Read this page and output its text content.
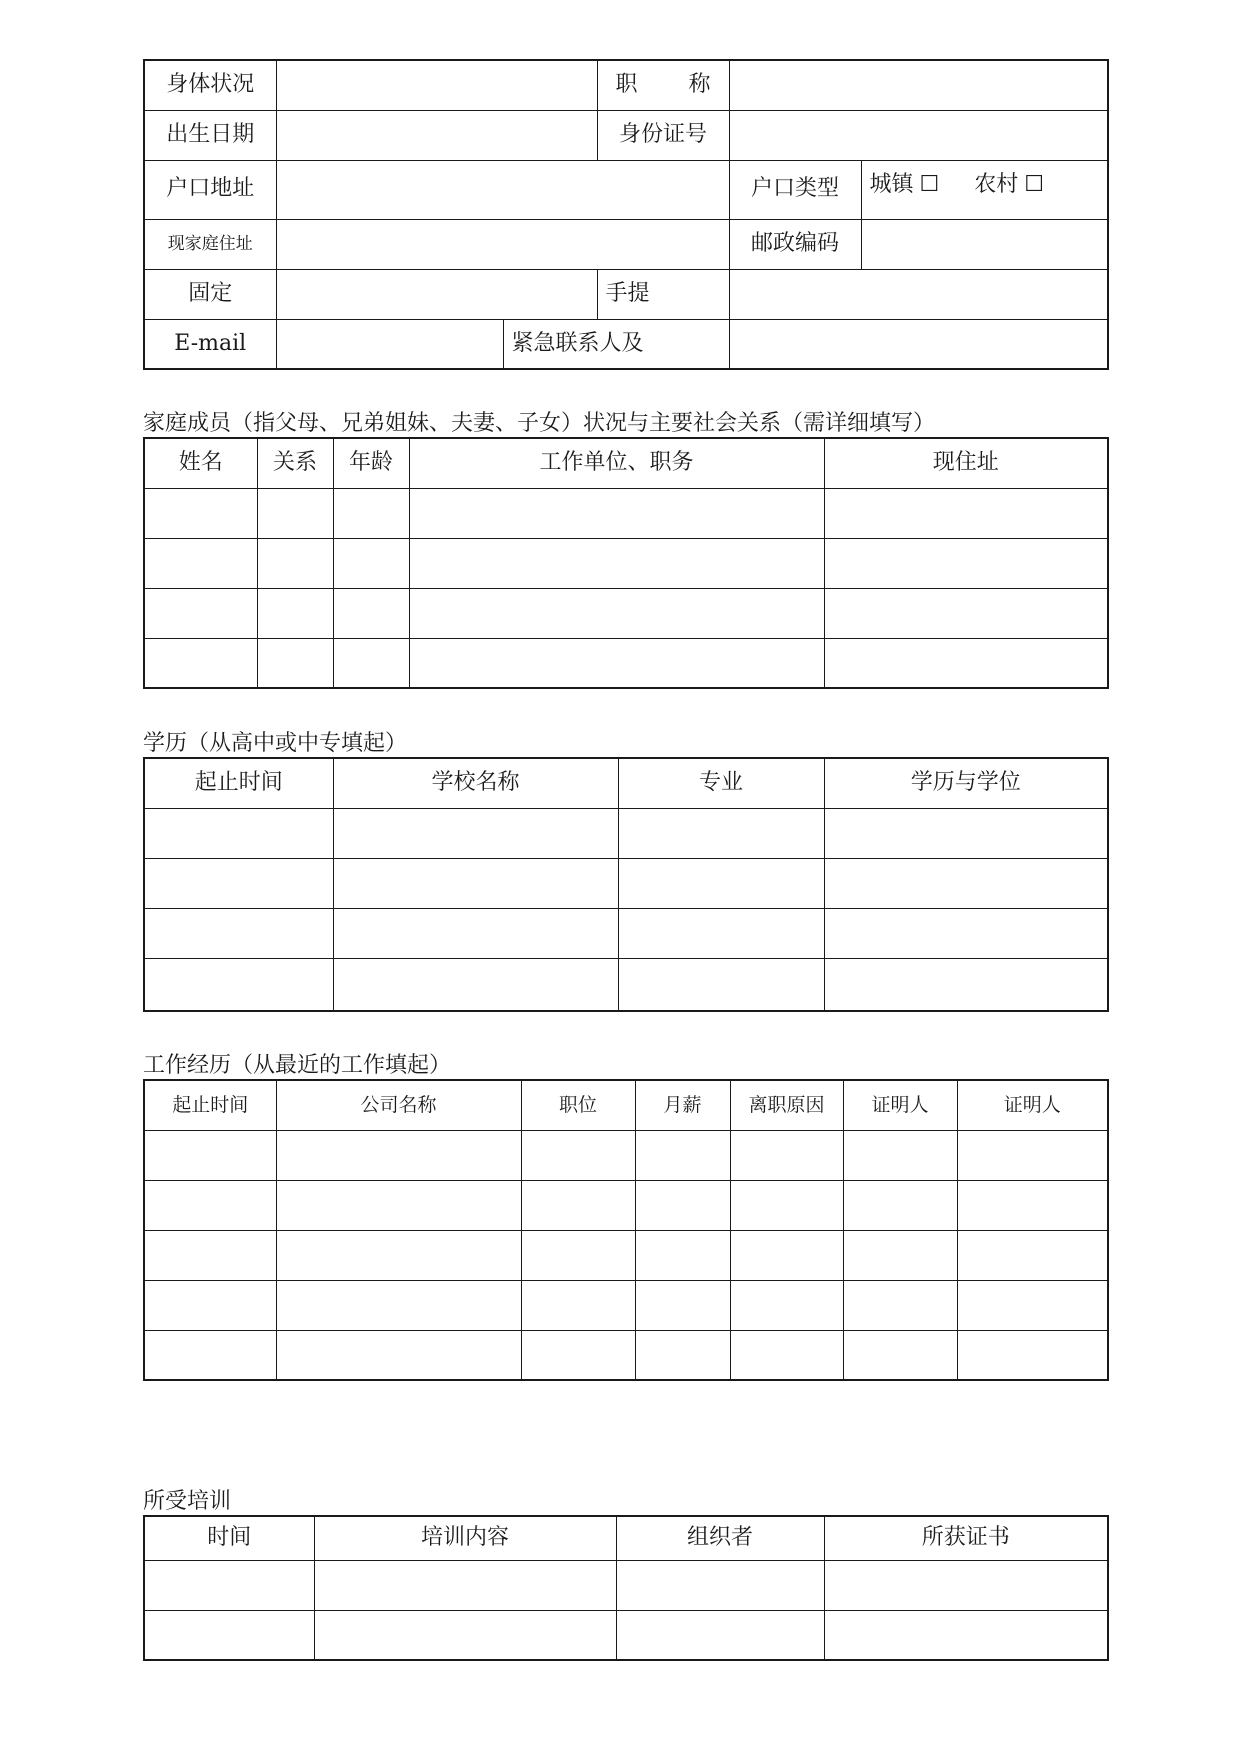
身体状况			职称		
出生日期			身份证号		
户口地址				户口类型	城镇 ☐ 农村 ☐
现家庭住址				邮政编码	
固定			手提		
E-mail		紧急联系人及			
家庭成员（指父母、兄弟姐妹、夫妻、子女）状况与主要社会关系（需详细填写）
姓名	关系	年龄	工作单位、职务	现住址

学历（从高中或中专填起）
起止时间	学校名称	专业	学历与学位

工作经历（从最近的工作填起）
起止时间	公司名称	职位	月薪	离职原因	证明人	证明人

所受培训
时间	培训内容	组织者	所获证书
